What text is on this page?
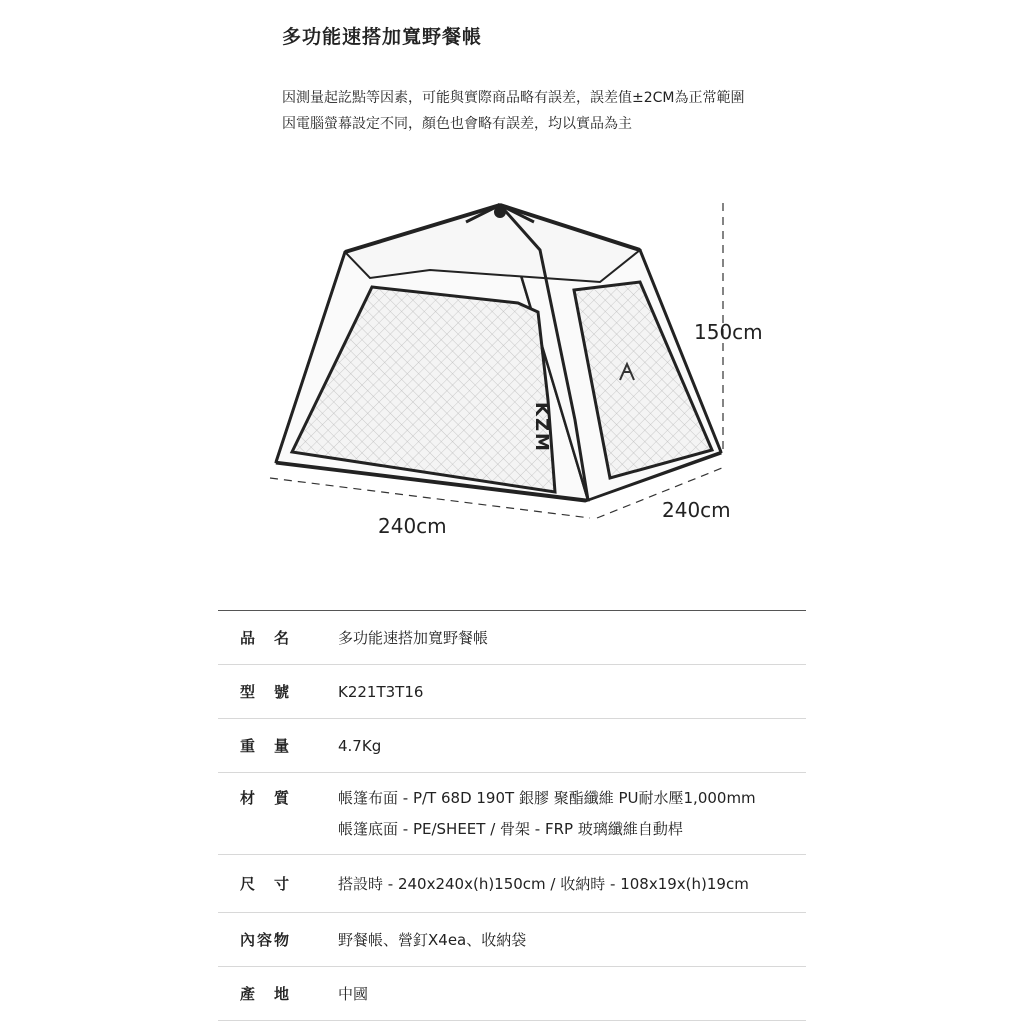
多功能速搭加寬野餐帳
因測量起訖點等因素，可能與實際商品略有誤差，誤差值±2CM為正常範圍
因電腦螢幕設定不同，顏色也會略有誤差，均以實品為主
KZM
150cm
240cm
240cm
品　名	多功能速搭加寬野餐帳
型　號	K221T3T16
重　量	4.7Kg
材　質	帳篷布面 - P/T 68D 190T 銀膠 聚酯纖維 PU耐水壓1,000mm
帳篷底面 - PE/SHEET / 骨架 - FRP 玻璃纖維自動桿
尺　寸	搭設時 - 240x240x(h)150cm / 收納時 - 108x19x(h)19cm
內容物	野餐帳、營釘X4ea、收納袋
產　地	中國
